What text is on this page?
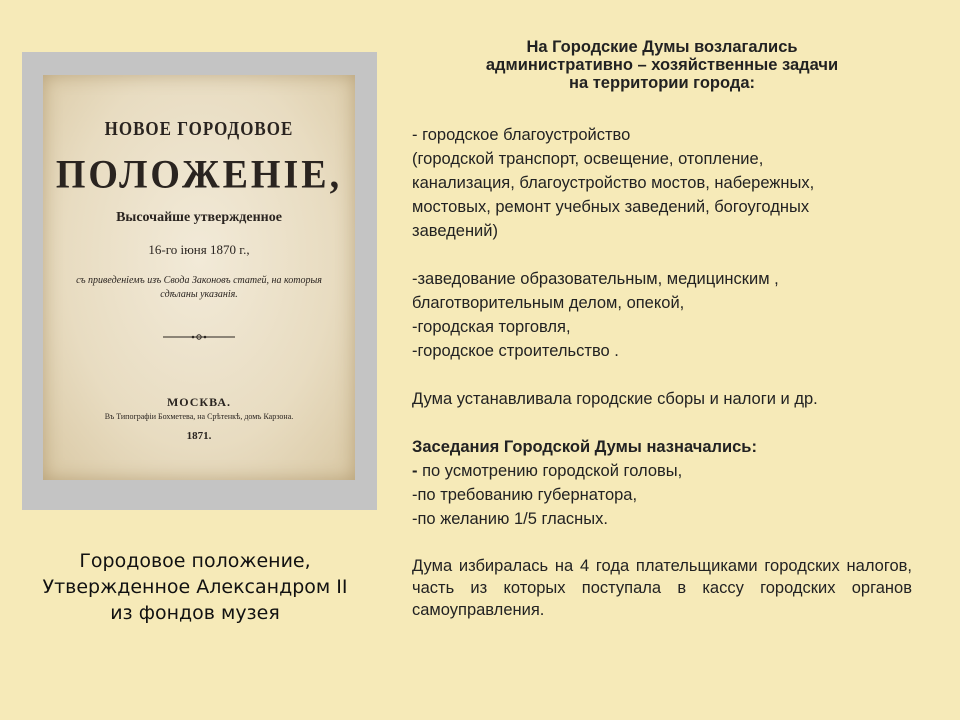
НОВОЕ ГОРОДОВОЕ
ПОЛОЖЕНІЕ,
Высочайше утвержденное
16-го іюня 1870 г.,
съ приведеніемъ изъ Свода Законовъ статей, на которыя сдѣланы указанія.
МОСКВА.
Въ Типографіи Бохметева, на Срѣтенкѣ, домъ Карзона.
1871.
Городовое положение,
Утвержденное Александром II
из фондов музея
На Городские Думы возлагались
административно – хозяйственные задачи
на территории города:
- городское благоустройство
(городской транспорт, освещение, отопление,
канализация, благоустройство мостов, набережных,
мостовых, ремонт учебных заведений, богоугодных
заведений)
-заведование образовательным, медицинским ,
благотворительным делом, опекой,
-городская торговля,
-городское строительство .
Дума устанавливала городские сборы и налоги и др.
Заседания Городской Думы назначались:
- по усмотрению городской головы,
-по требованию губернатора,
-по желанию 1/5 гласных.
Дума избиралась на 4 года плательщиками городских налогов, часть из которых поступала в кассу городских органов самоуправления.
